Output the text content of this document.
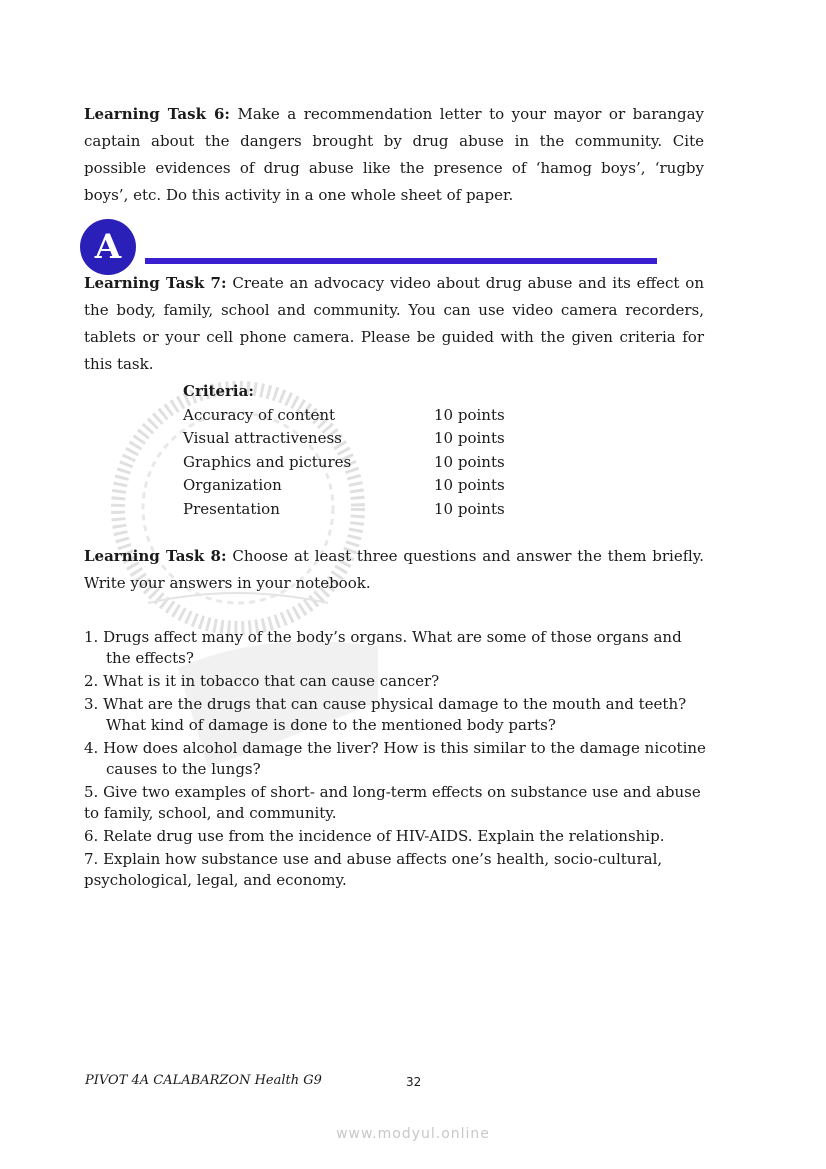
Learning Task 6: Make a recommendation letter to your mayor or barangay captain about the dangers brought by drug abuse in the community. Cite possible evidences of drug abuse like the presence of ‘hamog boys’, ‘rugby boys’, etc. Do this activity in a one whole sheet of paper.
A
Learning Task 7: Create an advocacy video about drug abuse and its effect on the body, family, school and community. You can use video camera recorders, tablets or your cell phone camera. Please be guided with the given criteria for this task.
Criteria:
Accuracy of content	10 points
Visual attractiveness	10 points
Graphics and pictures	10 points
Organization	10 points
Presentation	10 points
Learning Task 8: Choose at least three questions and answer the them briefly. Write your answers in your notebook.
1. Drugs affect many of the body’s organs. What are some of those organs and the effects?
2. What is it in tobacco that can cause cancer?
3. What are the drugs that can cause physical damage to the mouth and teeth? What kind of damage is done to the mentioned body parts?
4. How does alcohol damage the liver? How is this similar to the damage nicotine causes to the lungs?
5. Give two examples of short- and long-term effects on substance use and abuse to family, school, and community.
6. Relate drug use from the incidence of HIV-AIDS. Explain the relationship.
7. Explain how substance use and abuse affects one’s health, socio-cultural, psychological, legal, and economy.
PIVOT 4A CALABARZON Health G9	32
www.modyul.online
